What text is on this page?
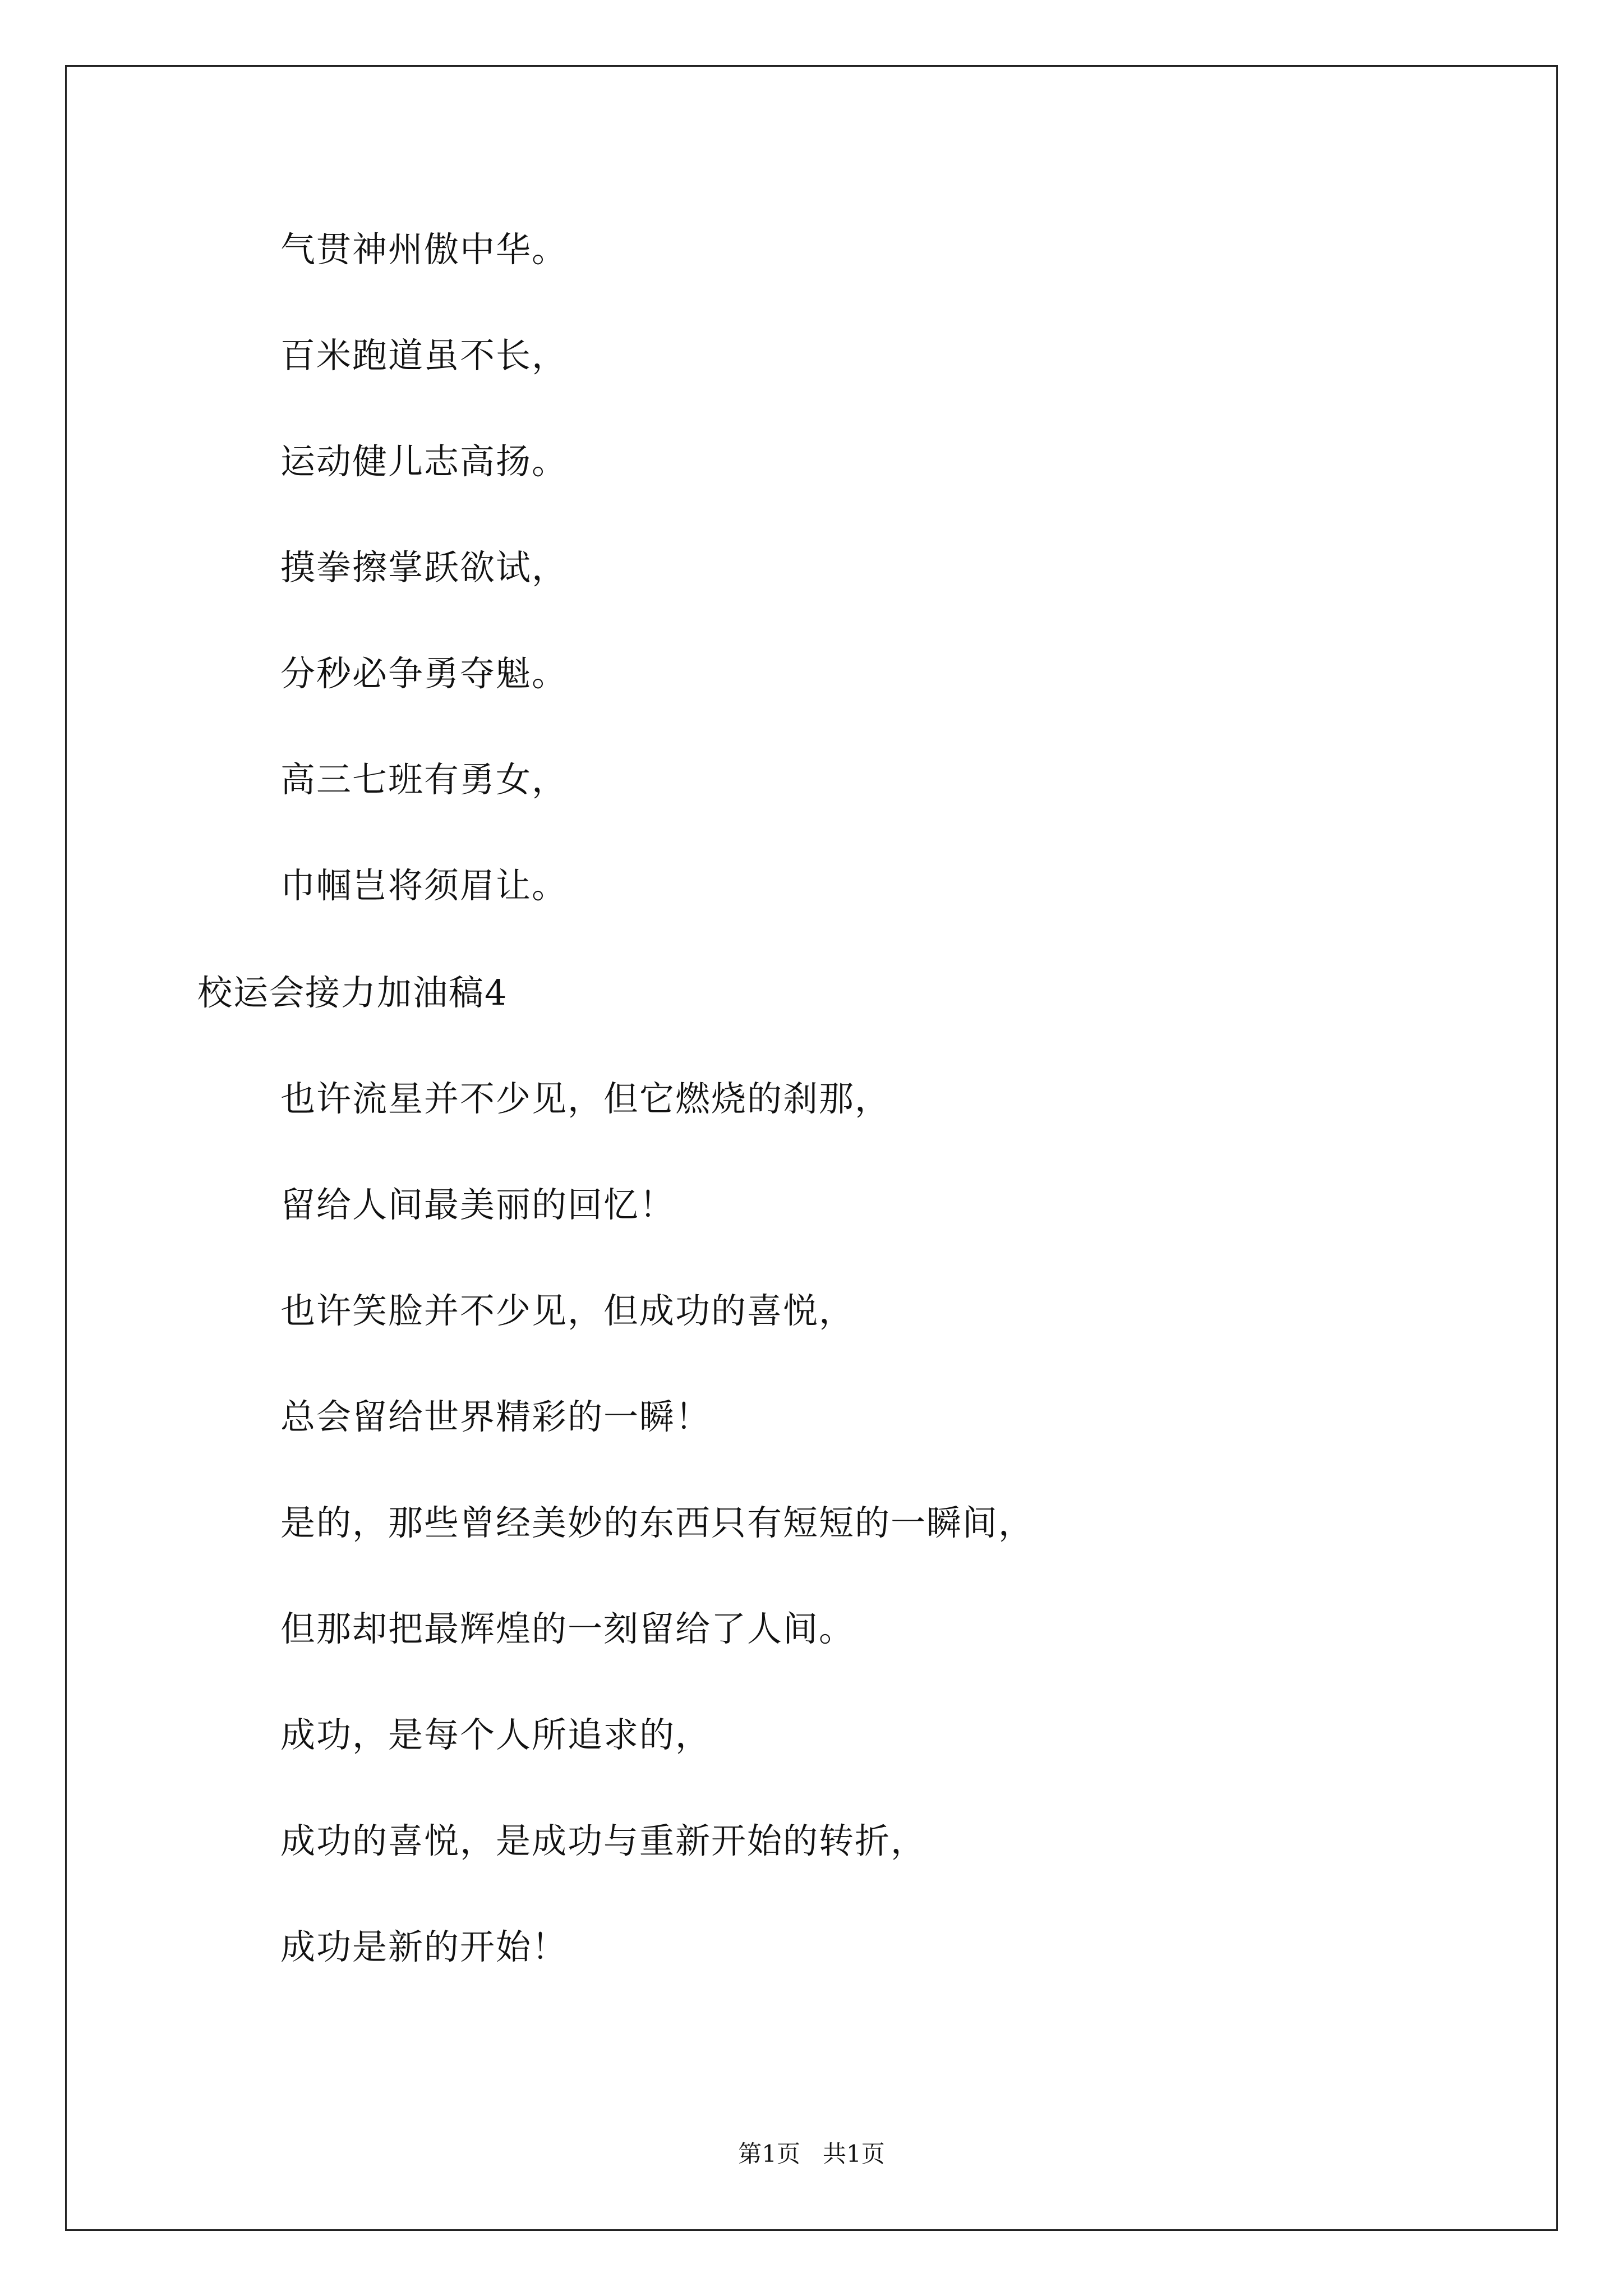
气贯神州傲中华。
百米跑道虽不长，
运动健儿志高扬。
摸拳擦掌跃欲试，
分秒必争勇夺魁。
高三七班有勇女，
巾帼岂将须眉让。
校运会接力加油稿4
也许流星并不少见，但它燃烧的刹那，
留给人间最美丽的回忆！
也许笑脸并不少见，但成功的喜悦，
总会留给世界精彩的一瞬！
是的，那些曾经美妙的东西只有短短的一瞬间，
但那却把最辉煌的一刻留给了人间。
成功，是每个人所追求的，
成功的喜悦，是成功与重新开始的转折，
成功是新的开始！
第1页   共1页
